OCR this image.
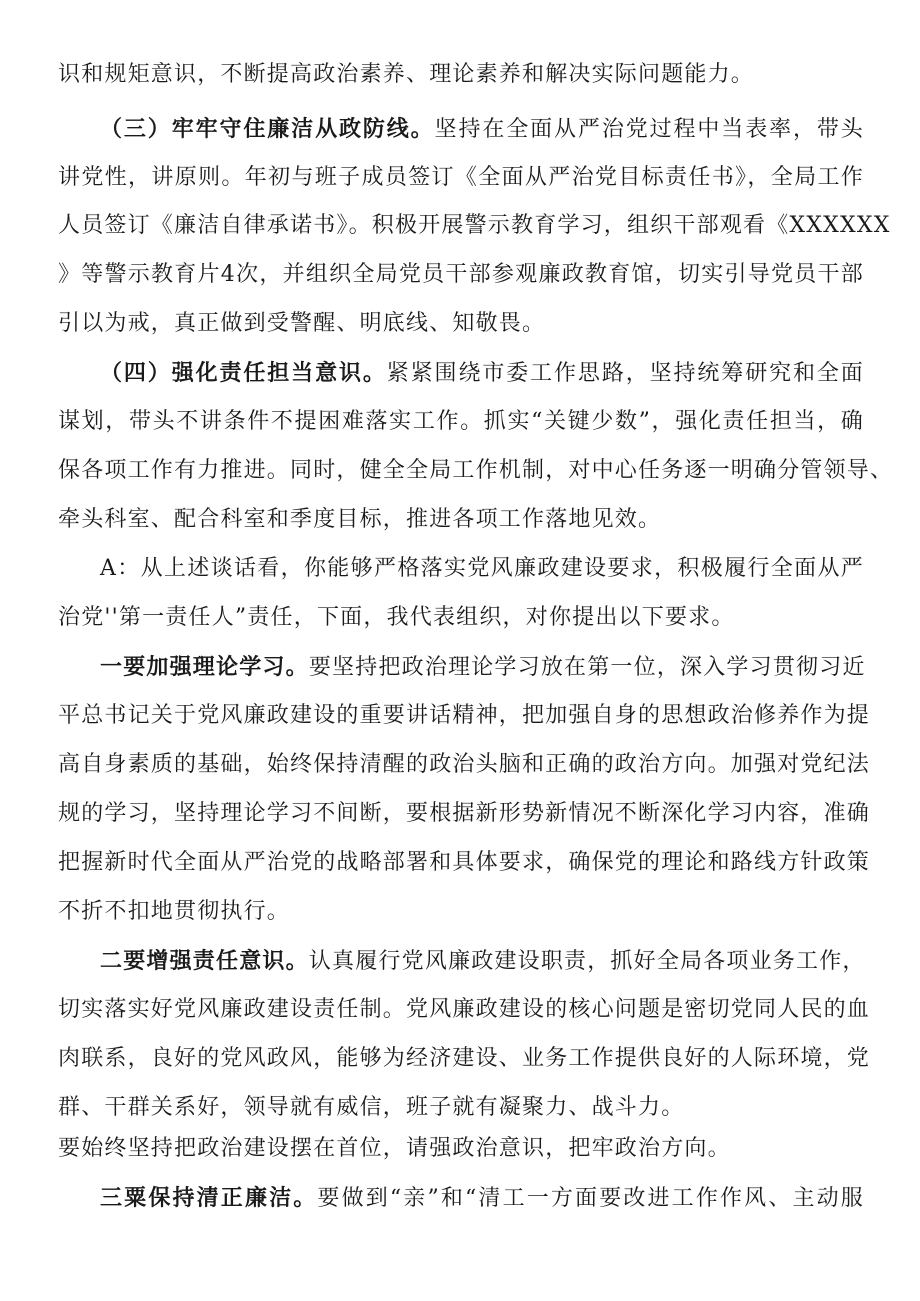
识和规矩意识，不断提高政治素养、理论素养和解决实际问题能力。
（三）牢牢守住廉洁从政防线。坚持在全面从严治党过程中当表率，带头
讲党性，讲原则。年初与班子成员签订《全面从严治党目标责任书》，全局工作
人员签订《廉洁自律承诺书》。积极开展警示教育学习，组织干部观看《XXXXXX
》等警示教育片4次，并组织全局党员干部参观廉政教育馆，切实引导党员干部
引以为戒，真正做到受警醒、明底线、知敬畏。
（四）强化责任担当意识。紧紧围绕市委工作思路，坚持统筹研究和全面
谋划，带头不讲条件不提困难落实工作。抓实“关键少数”，强化责任担当，确
保各项工作有力推进。同时，健全全局工作机制，对中心任务逐一明确分管领导、
牵头科室、配合科室和季度目标，推进各项工作落地见效。
A：从上述谈话看，你能够严格落实党风廉政建设要求，积极履行全面从严
治党''第一责任人”责任，下面，我代表组织，对你提出以下要求。
一要加强理论学习。要坚持把政治理论学习放在第一位，深入学习贯彻习近
平总书记关于党风廉政建设的重要讲话精神，把加强自身的思想政治修养作为提
高自身素质的基础，始终保持清醒的政治头脑和正确的政治方向。加强对党纪法
规的学习，坚持理论学习不间断，要根据新形势新情况不断深化学习内容，准确
把握新时代全面从严治党的战略部署和具体要求，确保党的理论和路线方针政策
不折不扣地贯彻执行。
二要增强责任意识。认真履行党风廉政建设职责，抓好全局各项业务工作，
切实落实好党风廉政建设责任制。党风廉政建设的核心问题是密切党同人民的血
肉联系，良好的党风政风，能够为经济建设、业务工作提供良好的人际环境，党
群、干群关系好，领导就有威信，班子就有凝聚力、战斗力。
要始终坚持把政治建设摆在首位，请强政治意识，把牢政治方向。
三粟保持清正廉洁。要做到“亲”和“清工一方面要改进工作作风、主动服
